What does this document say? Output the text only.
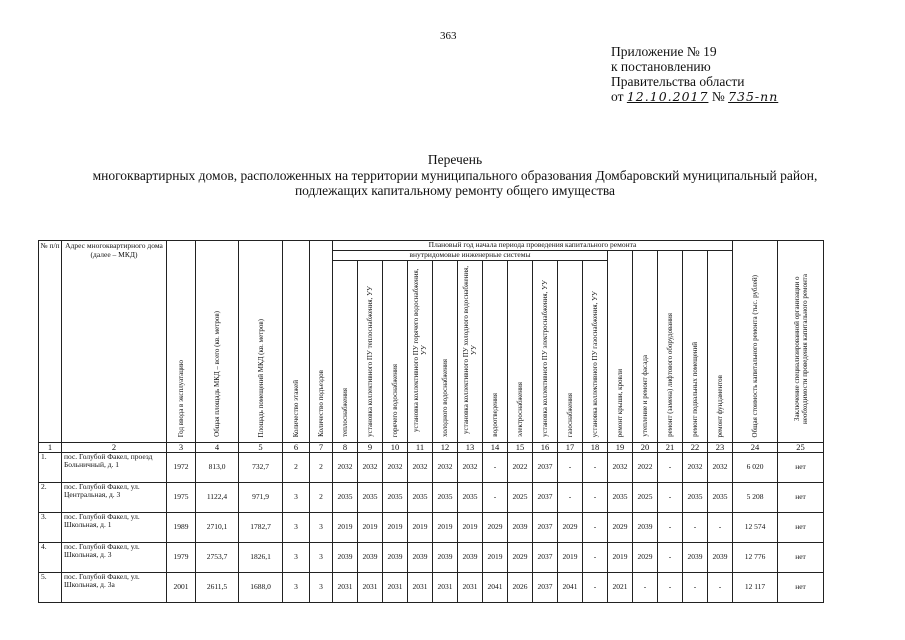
363
Приложение № 19
к постановлению
Правительства области
от 12.10.2017 № 735-пп
Перечень
многоквартирных домов, расположенных на территории муниципального образования Домбаровский муниципальный район,
подлежащих капитальному ремонту общего имущества
№ п/п	Адрес многоквартирного дома (далее – МКД)	Год ввода в эксплуатацию	Общая площадь МКД – всего (кв. метров)	Площадь помещений МКД (кв. метров)	Количество этажей	Количество подъездов	Плановый год начала периода проведения капитального ремонта																Общая стоимость капитального ремонта (тыс. рублей)	Заключение специализированной организации о необходимости проведения капитального ремонта
							внутридомовые инженерные системы											ремонт крыши, кровли	утепление и ремонт фасада	ремонт (замена) лифтового оборудования	ремонт подвальных помещений	ремонт фундаментов		
							теплоснабжения	установка коллективного ПУ теплоснабжения, УУ	горячего водоснабжения	установка коллективного ПУ горячего водоснабжения, УУ	холодного водоснабжения	установка коллективного ПУ холодного водоснабжения, УУ	водоотведения	электроснабжения	установка коллективного ПУ электроснабжения, УУ	газоснабжения	установка коллективного ПУ газоснабжения, УУ							
1	2	3	4	5	6	7	8	9	10	11	12	13	14	15	16	17	18	19	20	21	22	23	24	25
1.	пос. Голубой Факел, проезд Больничный, д. 1	1972	813,0	732,7	2	2	2032	2032	2032	2032	2032	2032	-	2022	2037	-	-	2032	2022	-	2032	2032	6 020	нет
2.	пос. Голубой Факел, ул. Центральная, д. 3	1975	1122,4	971,9	3	2	2035	2035	2035	2035	2035	2035	-	2025	2037	-	-	2035	2025	-	2035	2035	5 208	нет
3.	пос. Голубой Факел, ул. Школьная, д. 1	1989	2710,1	1782,7	3	3	2019	2019	2019	2019	2019	2019	2029	2039	2037	2029	-	2029	2039	-	-	-	12 574	нет
4.	пос. Голубой Факел, ул. Школьная, д. 3	1979	2753,7	1826,1	3	3	2039	2039	2039	2039	2039	2039	2019	2029	2037	2019	-	2019	2029	-	2039	2039	12 776	нет
5.	пос. Голубой Факел, ул. Школьная, д. 3а	2001	2611,5	1688,0	3	3	2031	2031	2031	2031	2031	2031	2041	2026	2037	2041	-	2021	-	-	-	-	12 117	нет
